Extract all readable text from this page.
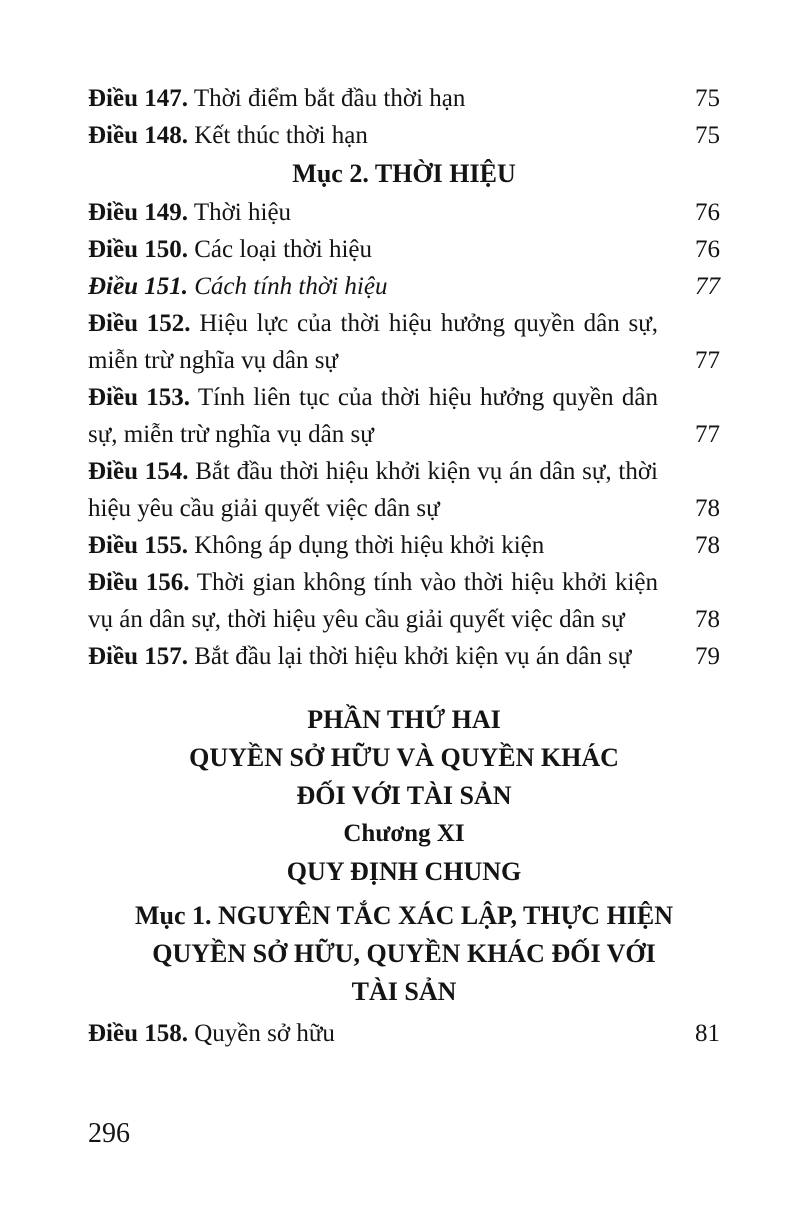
Điều 147. Thời điểm bắt đầu thời hạn	75
Điều 148. Kết thúc thời hạn	75
Mục 2. THỜI HIỆU
Điều 149. Thời hiệu	76
Điều 150. Các loại thời hiệu	76
Điều 151. Cách tính thời hiệu	77
Điều 152. Hiệu lực của thời hiệu hưởng quyền dân sự, miễn trừ nghĩa vụ dân sự	77
Điều 153. Tính liên tục của thời hiệu hưởng quyền dân sự, miễn trừ nghĩa vụ dân sự	77
Điều 154. Bắt đầu thời hiệu khởi kiện vụ án dân sự, thời hiệu yêu cầu giải quyết việc dân sự	78
Điều 155. Không áp dụng thời hiệu khởi kiện	78
Điều 156. Thời gian không tính vào thời hiệu khởi kiện vụ án dân sự, thời hiệu yêu cầu giải quyết việc dân sự	78
Điều 157. Bắt đầu lại thời hiệu khởi kiện vụ án dân sự	79
PHẦN THỨ HAI
QUYỀN SỞ HỮU VÀ QUYỀN KHÁC
ĐỐI VỚI TÀI SẢN
Chương XI
QUY ĐỊNH CHUNG
Mục 1. NGUYÊN TẮC XÁC LẬP, THỰC HIỆN
QUYỀN SỞ HỮU, QUYỀN KHÁC ĐỐI VỚI
TÀI SẢN
Điều 158. Quyền sở hữu	81
296
